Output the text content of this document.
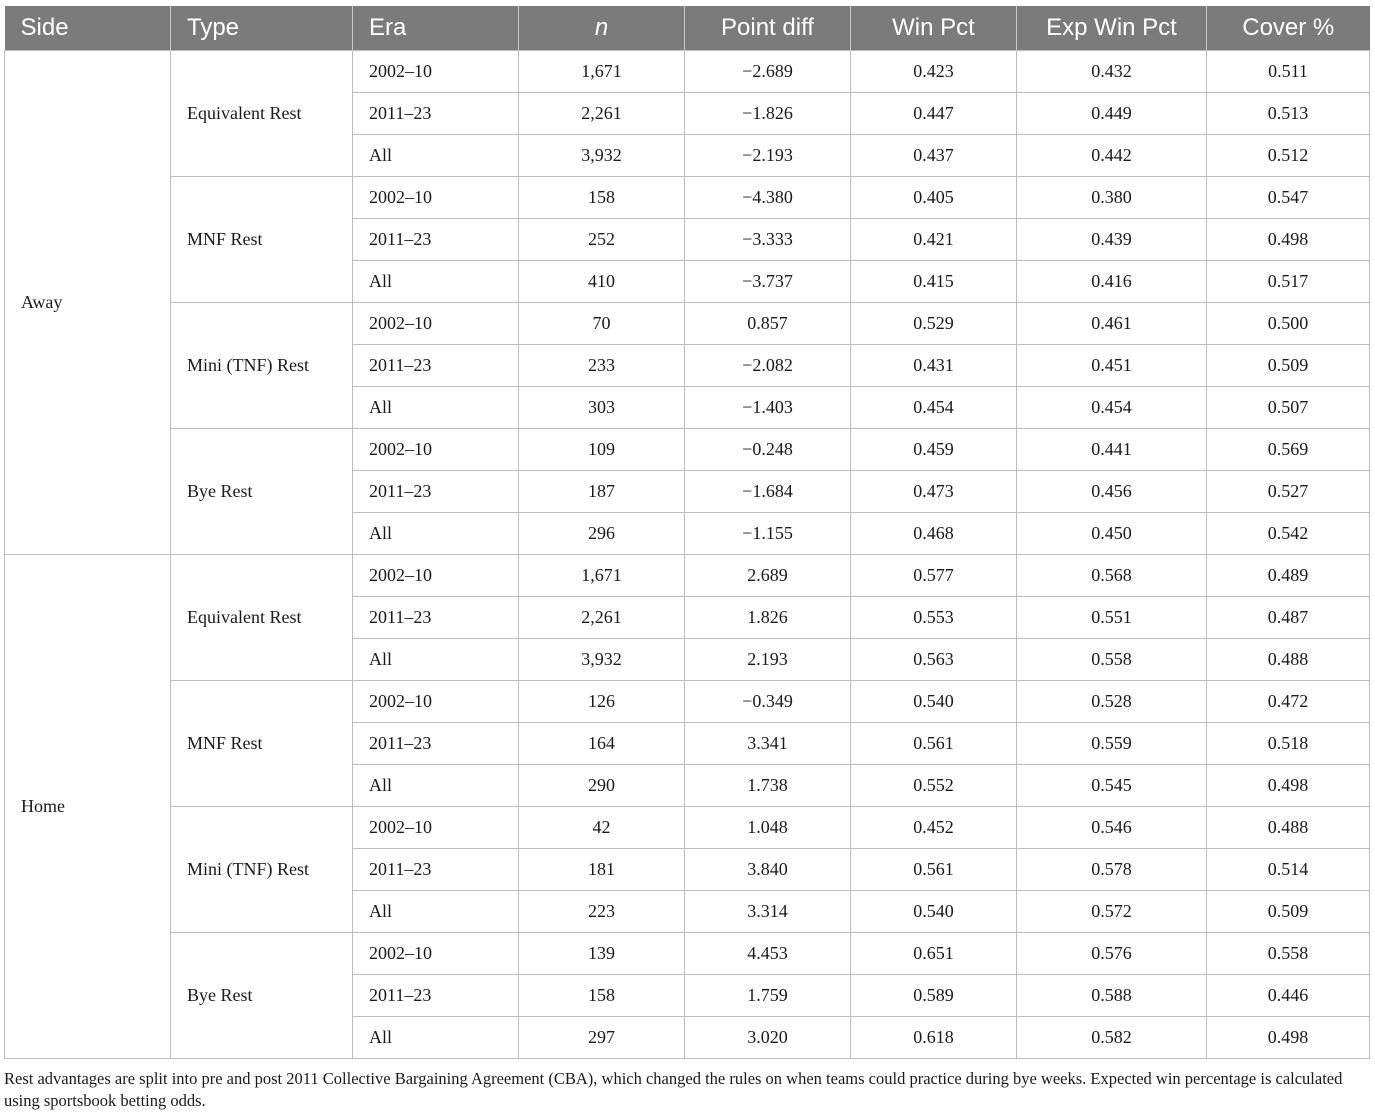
Side	Type	Era	n	Point diff	Win Pct	Exp Win Pct	Cover %
Away	Equivalent Rest	2002–10	1,671	−2.689	0.423	0.432	0.511
		2011–23	2,261	−1.826	0.447	0.449	0.513
		All	3,932	−2.193	0.437	0.442	0.512
	MNF Rest	2002–10	158	−4.380	0.405	0.380	0.547
		2011–23	252	−3.333	0.421	0.439	0.498
		All	410	−3.737	0.415	0.416	0.517
	Mini (TNF) Rest	2002–10	70	0.857	0.529	0.461	0.500
		2011–23	233	−2.082	0.431	0.451	0.509
		All	303	−1.403	0.454	0.454	0.507
	Bye Rest	2002–10	109	−0.248	0.459	0.441	0.569
		2011–23	187	−1.684	0.473	0.456	0.527
		All	296	−1.155	0.468	0.450	0.542
Home	Equivalent Rest	2002–10	1,671	2.689	0.577	0.568	0.489
		2011–23	2,261	1.826	0.553	0.551	0.487
		All	3,932	2.193	0.563	0.558	0.488
	MNF Rest	2002–10	126	−0.349	0.540	0.528	0.472
		2011–23	164	3.341	0.561	0.559	0.518
		All	290	1.738	0.552	0.545	0.498
	Mini (TNF) Rest	2002–10	42	1.048	0.452	0.546	0.488
		2011–23	181	3.840	0.561	0.578	0.514
		All	223	3.314	0.540	0.572	0.509
	Bye Rest	2002–10	139	4.453	0.651	0.576	0.558
		2011–23	158	1.759	0.589	0.588	0.446
		All	297	3.020	0.618	0.582	0.498
Rest advantages are split into pre and post 2011 Collective Bargaining Agreement (CBA), which changed the rules on when teams could practice during bye weeks. Expected win percentage is calculated using sportsbook betting odds.
